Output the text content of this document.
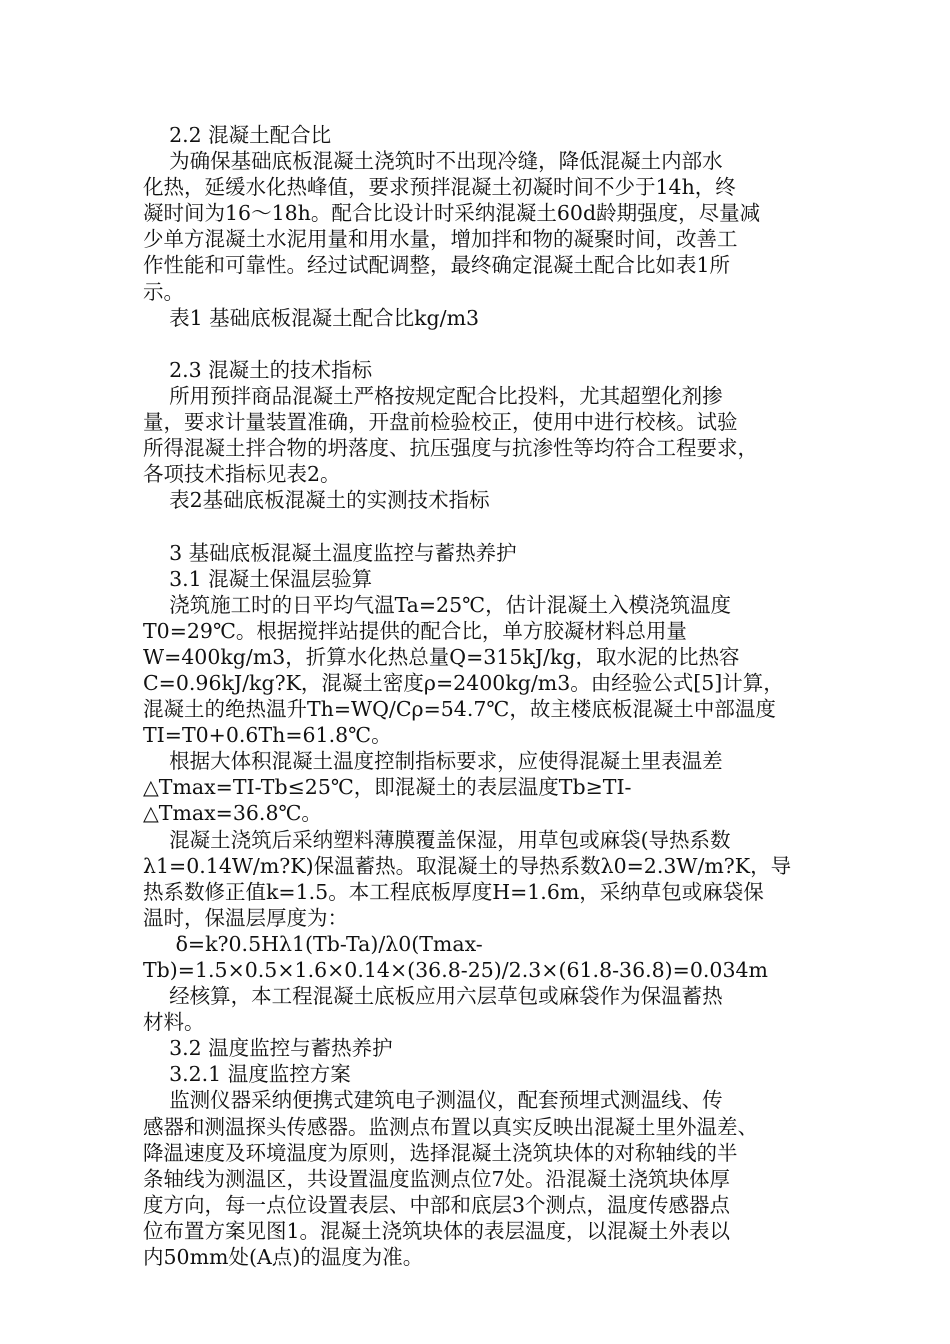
2.2 混凝土配合比
为确保基础底板混凝土浇筑时不出现冷缝，降低混凝土内部水
化热，延缓水化热峰值，要求预拌混凝土初凝时间不少于14h，终
凝时间为16～18h。配合比设计时采纳混凝土60d龄期强度，尽量减
少单方混凝土水泥用量和用水量，增加拌和物的凝聚时间，改善工
作性能和可靠性。经过试配调整，最终确定混凝土配合比如表1所
示。
表1 基础底板混凝土配合比kg/m3
2.3 混凝土的技术指标
所用预拌商品混凝土严格按规定配合比投料，尤其超塑化剂掺
量，要求计量装置准确，开盘前检验校正，使用中进行校核。试验
所得混凝土拌合物的坍落度、抗压强度与抗渗性等均符合工程要求，
各项技术指标见表2。
表2基础底板混凝土的实测技术指标
3 基础底板混凝土温度监控与蓄热养护
3.1 混凝土保温层验算
浇筑施工时的日平均气温Ta=25℃，估计混凝土入模浇筑温度
T0=29℃。根据搅拌站提供的配合比，单方胶凝材料总用量
W=400kg/m3，折算水化热总量Q=315kJ/kg，取水泥的比热容
C=0.96kJ/kg?K，混凝土密度ρ=2400kg/m3。由经验公式[5]计算，
混凝土的绝热温升Th=WQ/Cρ=54.7℃，故主楼底板混凝土中部温度
TI=T0+0.6Th=61.8℃。
根据大体积混凝土温度控制指标要求，应使得混凝土里表温差
△Tmax=TI-Tb≤25℃，即混凝土的表层温度Tb≥TI-
△Tmax=36.8℃。
混凝土浇筑后采纳塑料薄膜覆盖保湿，用草包或麻袋(导热系数
λ1=0.14W/m?K)保温蓄热。取混凝土的导热系数λ0=2.3W/m?K，导
热系数修正值k=1.5。本工程底板厚度H=1.6m，采纳草包或麻袋保
温时，保温层厚度为：
δ=k?0.5Hλ1(Tb-Ta)/λ0(Tmax-
Tb)=1.5×0.5×1.6×0.14×(36.8-25)/2.3×(61.8-36.8)=0.034m
经核算，本工程混凝土底板应用六层草包或麻袋作为保温蓄热
材料。
3.2 温度监控与蓄热养护
3.2.1 温度监控方案
监测仪器采纳便携式建筑电子测温仪，配套预埋式测温线、传
感器和测温探头传感器。监测点布置以真实反映出混凝土里外温差、
降温速度及环境温度为原则，选择混凝土浇筑块体的对称轴线的半
条轴线为测温区，共设置温度监测点位7处。沿混凝土浇筑块体厚
度方向，每一点位设置表层、中部和底层3个测点，温度传感器点
位布置方案见图1。混凝土浇筑块体的表层温度，以混凝土外表以
内50mm处(A点)的温度为准。
